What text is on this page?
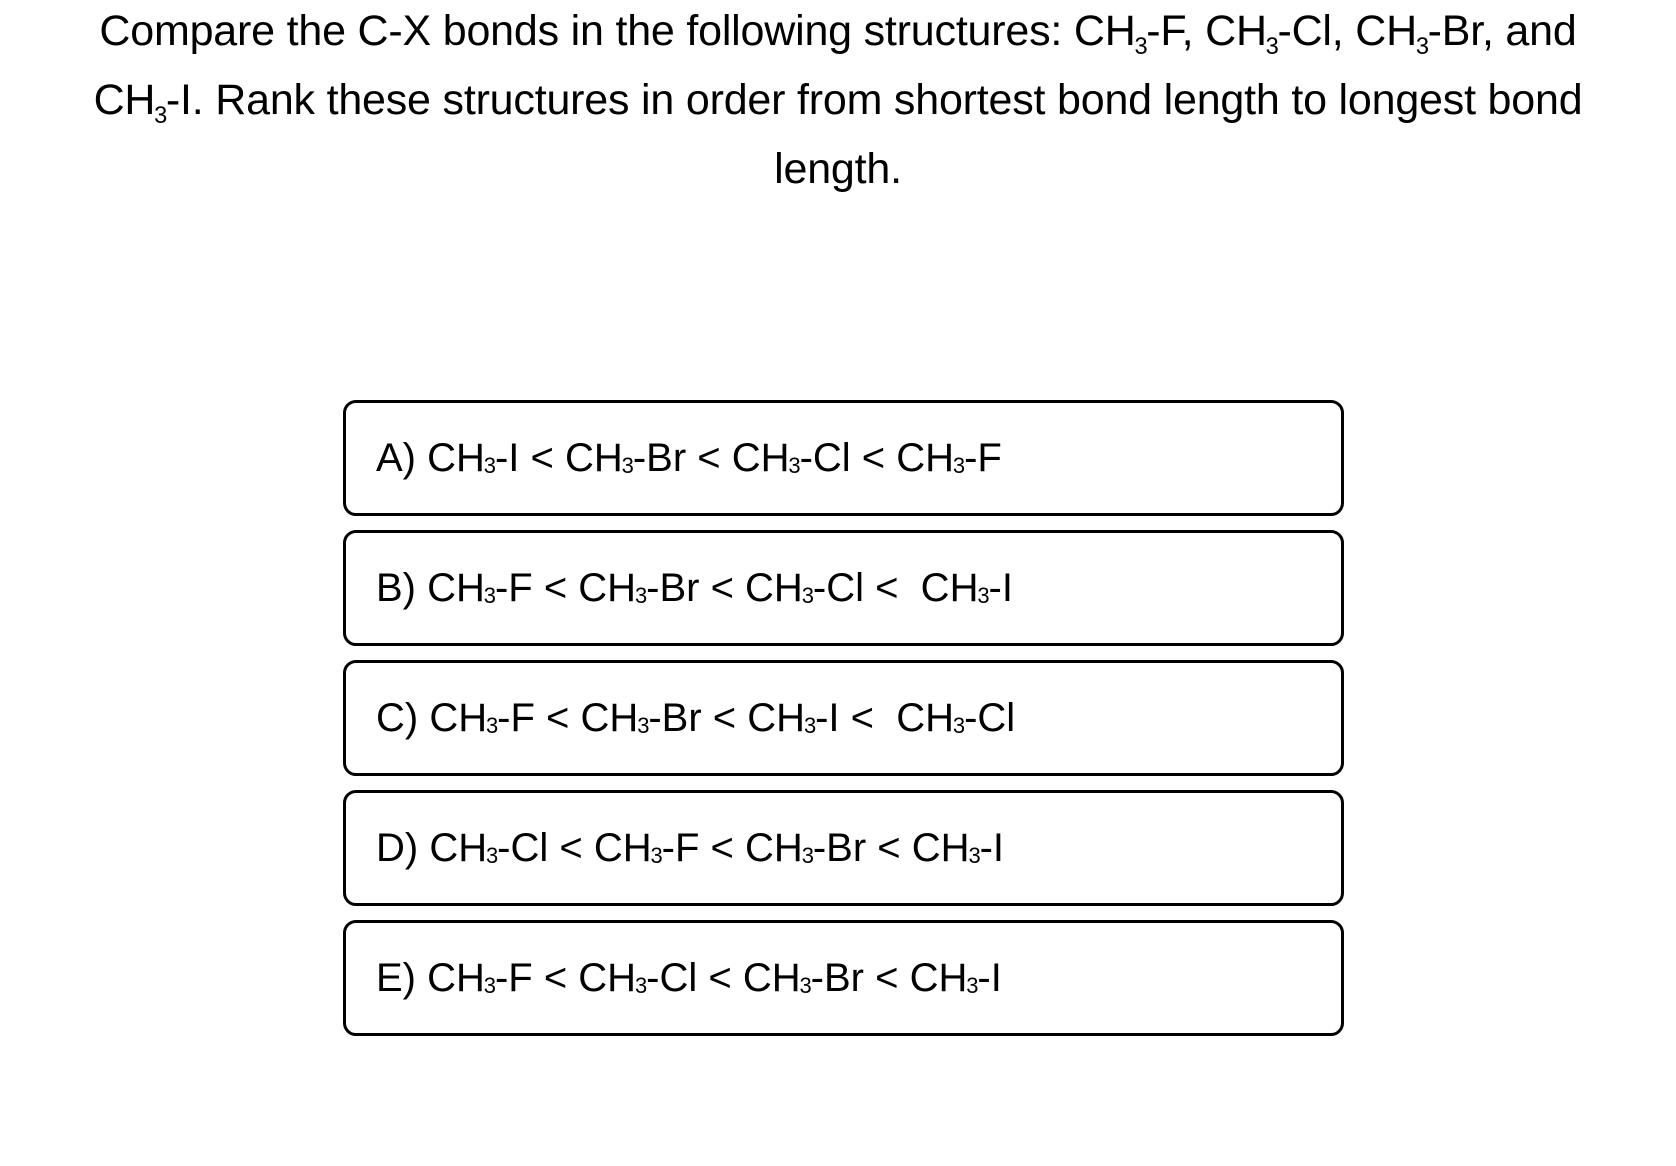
Compare the C-X bonds in the following structures: $CH_3-F$, $CH_3-Cl$, $CH_3-Br$, and
$CH_3-I$. Rank these structures in order from shortest bond length to longest bond
length.
A) CH
$_3$
-I < CH
$_3$
-Br < CH
$_3$
-Cl < CH
$_3$
-F
B) CH
$_3$
-F < CH
$_3$
-Br < CH
$_3$
-Cl <  CH
$_3$
-I
C) CH
$_3$
-F < CH
$_3$
-Br < CH
$_3$
-I <  CH
$_3$
-Cl
D) CH
$_3$
-Cl < CH
$_3$
-F < CH
$_3$
-Br < CH
$_3$
-I
E) CH
$_3$
-F < CH
$_3$
-Cl < CH
$_3$
-Br < CH
$_3$
-I
